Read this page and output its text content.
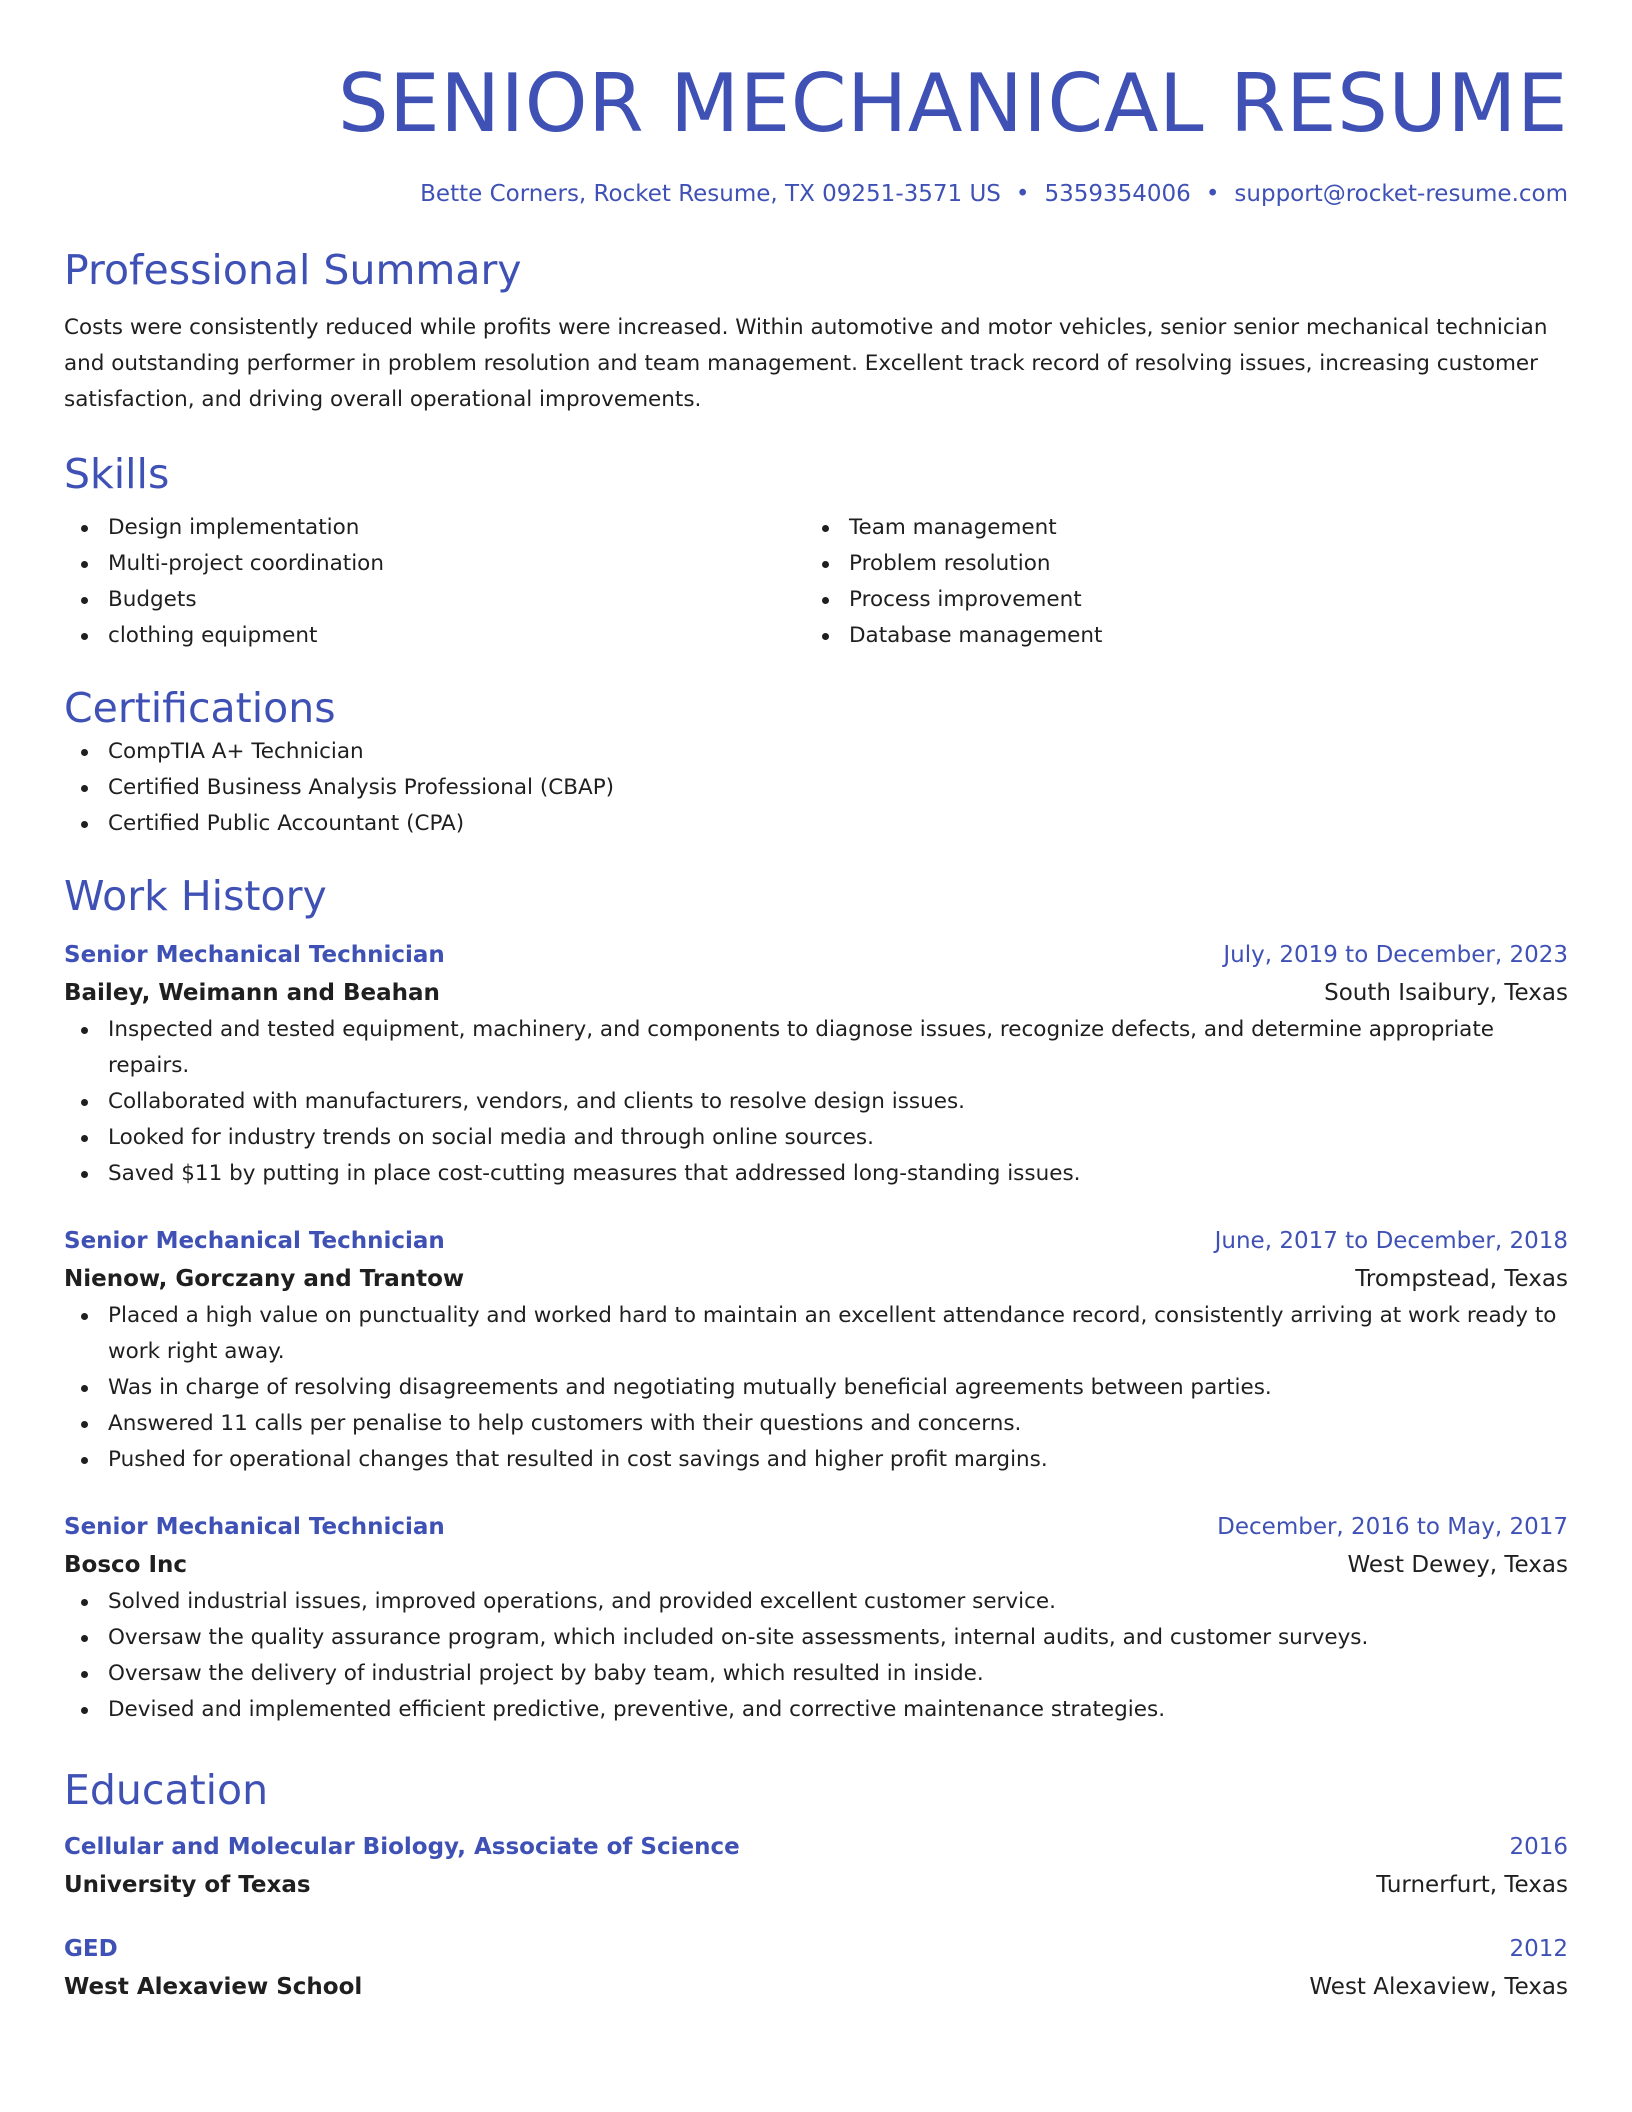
SENIOR MECHANICAL RESUME
Bette Corners, Rocket Resume, TX 09251-3571 US • 5359354006 • support@rocket-resume.com
Professional Summary

Costs were consistently reduced while profits were increased. Within automotive and motor vehicles, senior senior mechanical technician and outstanding performer in problem resolution and team management. Excellent track record of resolving issues, increasing customer satisfaction, and driving overall operational improvements.

Skills
Design implementation
Multi-project coordination
Budgets
clothing equipment
Team management
Problem resolution
Process improvement
Database management
Certifications
CompTIA A+ Technician
Certified Business Analysis Professional (CBAP)
Certified Public Accountant (CPA)
Work History
Senior Mechanical Technician	July, 2019 to December, 2023
Bailey, Weimann and Beahan	South Isaibury, Texas
Inspected and tested equipment, machinery, and components to diagnose issues, recognize defects, and determine appropriate repairs.
Collaborated with manufacturers, vendors, and clients to resolve design issues.
Looked for industry trends on social media and through online sources.
Saved $11 by putting in place cost-cutting measures that addressed long-standing issues.
Senior Mechanical Technician	June, 2017 to December, 2018
Nienow, Gorczany and Trantow	Trompstead, Texas
Placed a high value on punctuality and worked hard to maintain an excellent attendance record, consistently arriving at work ready to work right away.
Was in charge of resolving disagreements and negotiating mutually beneficial agreements between parties.
Answered 11 calls per penalise to help customers with their questions and concerns.
Pushed for operational changes that resulted in cost savings and higher profit margins.
Senior Mechanical Technician	December, 2016 to May, 2017
Bosco Inc	West Dewey, Texas
Solved industrial issues, improved operations, and provided excellent customer service.
Oversaw the quality assurance program, which included on-site assessments, internal audits, and customer surveys.
Oversaw the delivery of industrial project by baby team, which resulted in inside.
Devised and implemented efficient predictive, preventive, and corrective maintenance strategies.
Education
Cellular and Molecular Biology, Associate of Science	2016
University of Texas	Turnerfurt, Texas
GED	2012
West Alexaview School	West Alexaview, Texas
